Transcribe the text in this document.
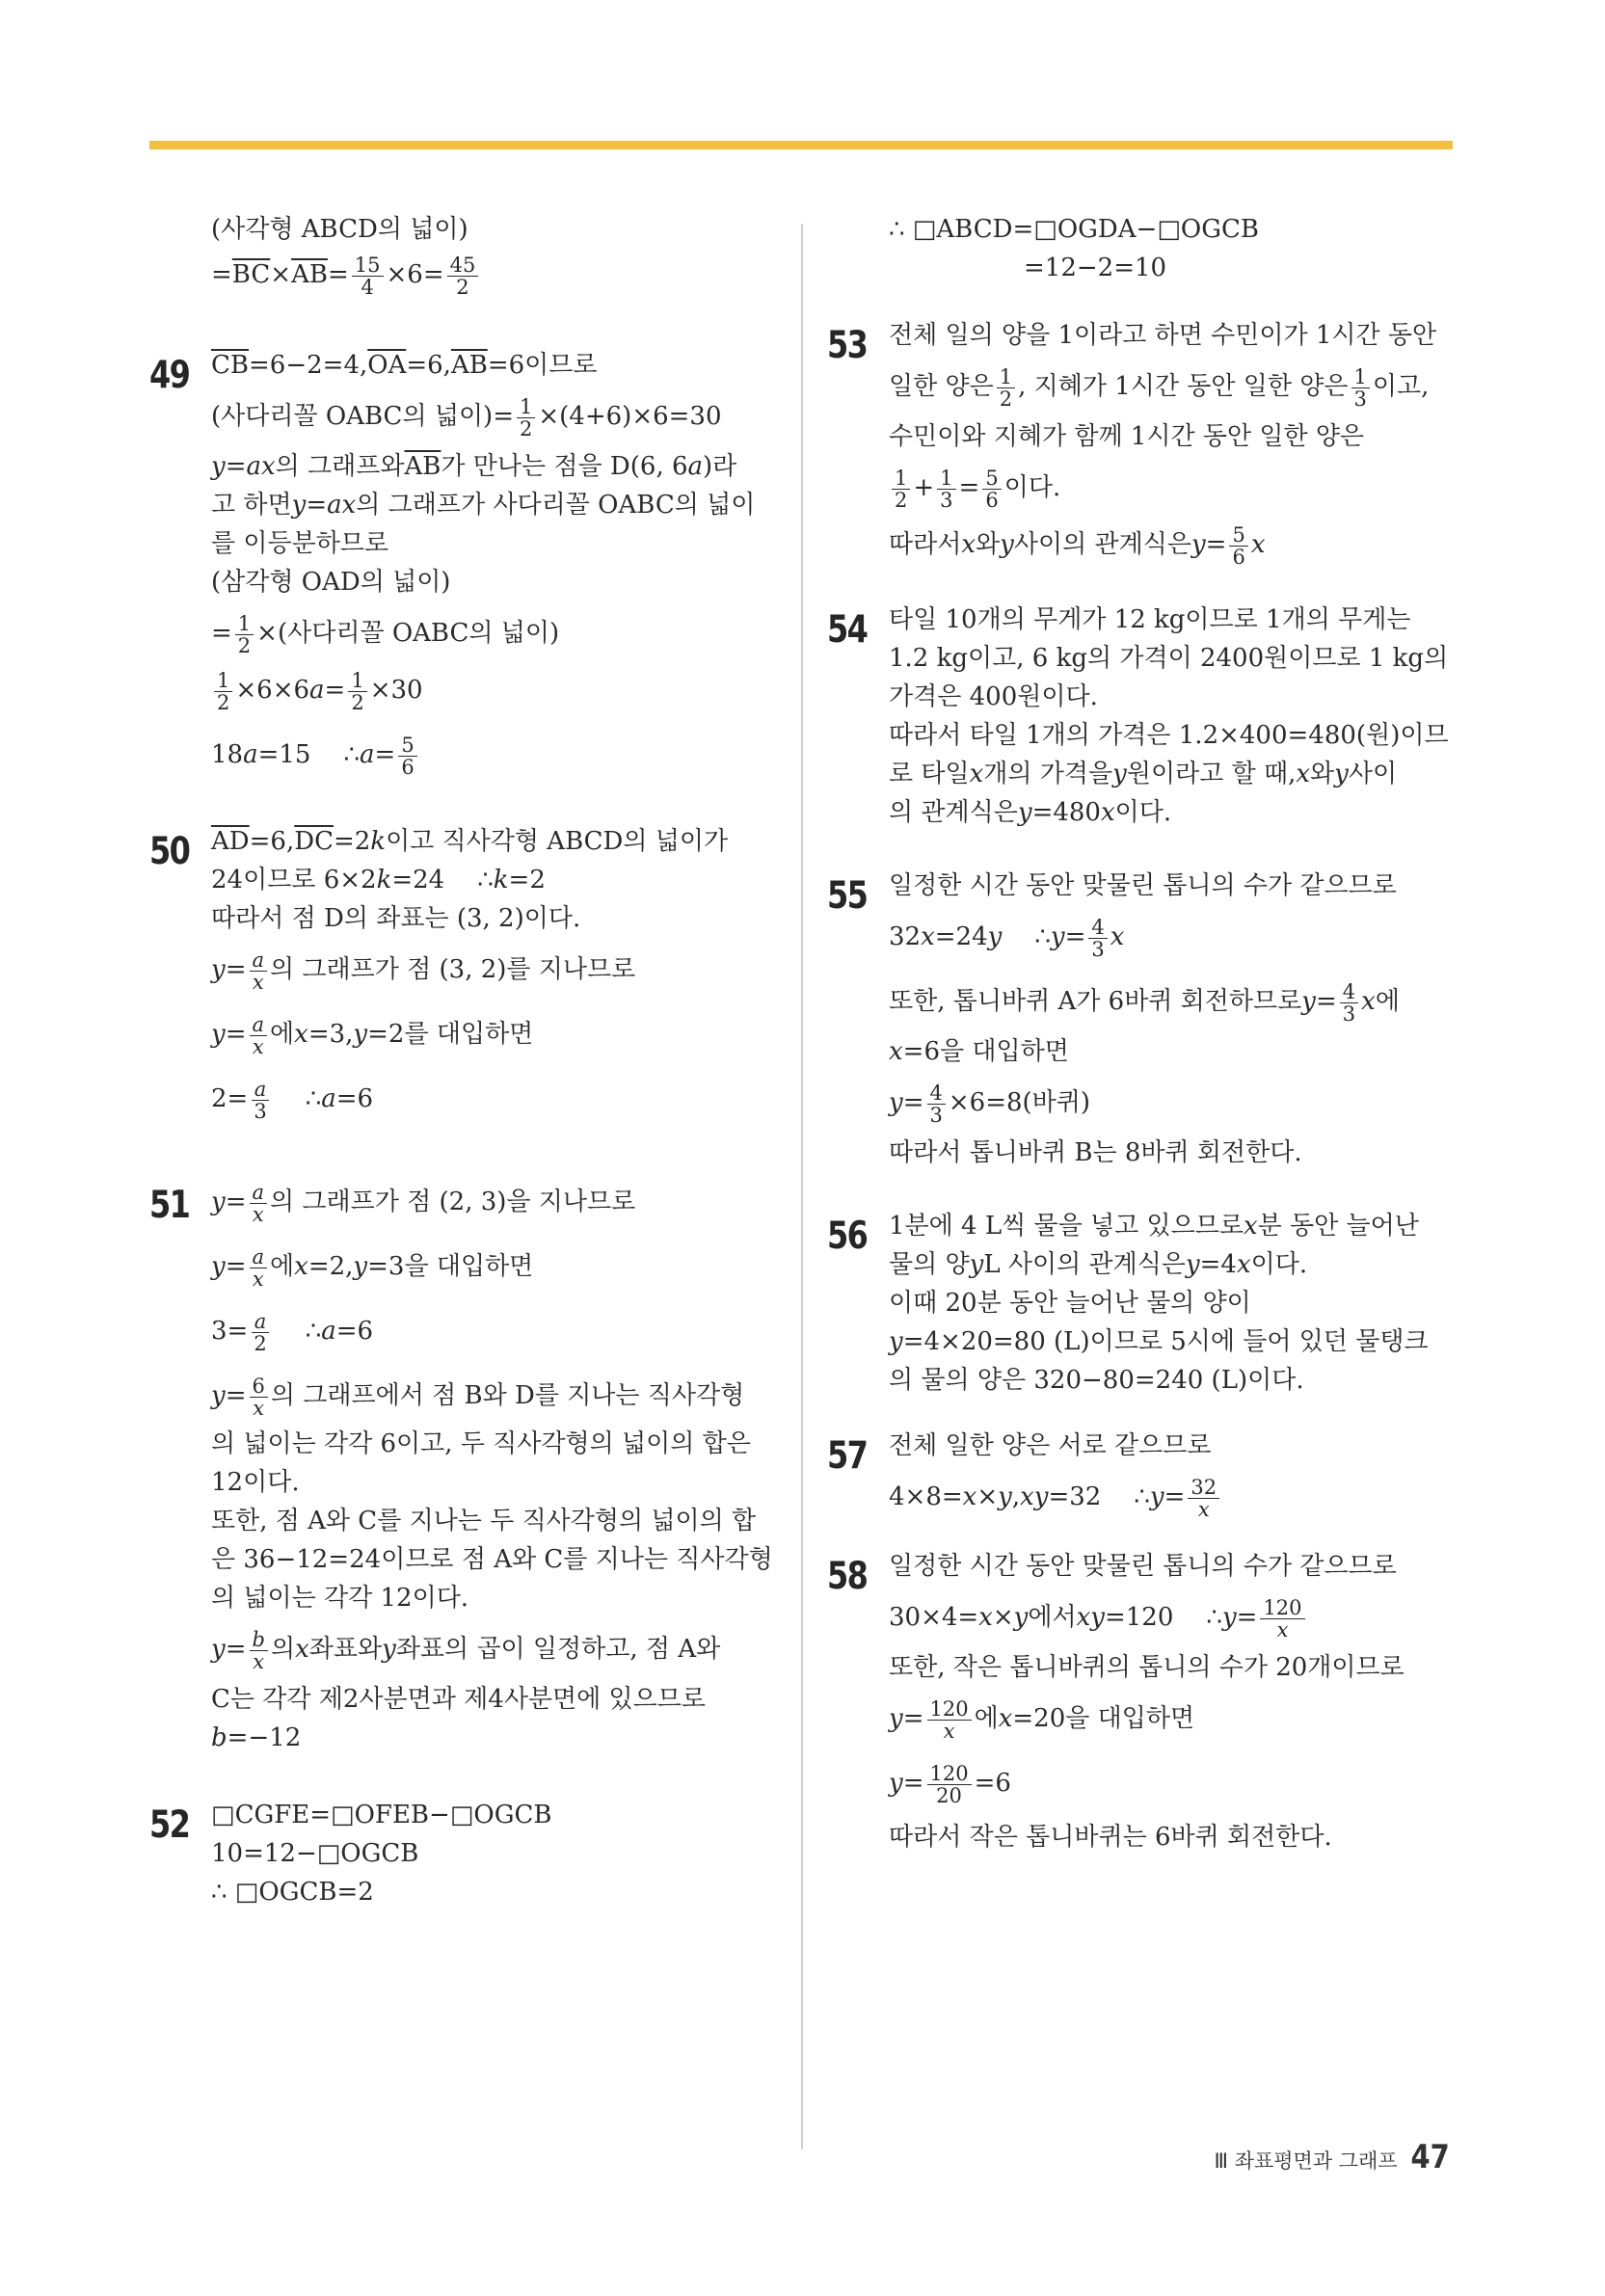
(사각형 ABCD의 넓이)
= $\overline{BC} \times \overline{AB} = \frac{15}{4} \times 6= \frac{45}{2}$
49 $\overline{CB} =6-2=4$, $\overline{OA} =6$, $\overline{AB} =6$이므로
(사다리꼴 OABC의 넓이)= $\frac{1}{2} \times(4+6)\times 6=30$
y = ax 의 그래프와 $\overline{AB}$ 가 만나는 점을 D(6, 6 a )라
고 하면 y = ax 의 그래프가 사다리꼴 OABC의 넓이
를 이등분하므로
(삼각형 OAD의 넓이)
= $\frac{1}{2}$ ×(사다리꼴 OABC의 넓이)
$\frac{1}{2} \times 6\times 6$ $a = \frac{1}{2} \times 30$
18 a =15 ∴ $a = \frac{5}{6}$
50 $\overline{AD} =6$, $\overline{DC} =2$ k 이고 직사각형 ABCD의 넓이가
24이므로 6×2 k =24 ∴ k =2
따라서 점 D의 좌표는 (3, 2)이다.
$y = \frac{a}{x}$ 의 그래프가 점 (3, 2)를 지나므로
$y = \frac{a}{x}$ 에 x =3, y =2를 대입하면
$2= \frac{a}{3}$ ∴ a =6
51 $y = \frac{a}{x}$ 의 그래프가 점 (2, 3)을 지나므로
$y = \frac{a}{x}$ 에 x =2, y =3을 대입하면
$3= \frac{a}{2}$ ∴ a =6
$y = \frac{6}{x}$ 의 그래프에서 점 B와 D를 지나는 직사각형
의 넓이는 각각 6이고, 두 직사각형의 넓이의 합은
12이다.
또한, 점 A와 C를 지나는 두 직사각형의 넓이의 합
은 36−12=24이므로 점 A와 C를 지나는 직사각형
의 넓이는 각각 12이다.
$y = \frac{b}{x}$ 의 x 좌표와 y 좌표의 곱이 일정하고, 점 A와
C는 각각 제2사분면과 제4사분면에 있으므로
b =−12
52 □CGFE=□OFEB−□OGCB
10=12−□OGCB
∴ □OGCB=2
∴ □ABCD=□OGDA−□OGCB
=12−2=10
53 전체 일의 양을 1이라고 하면 수민이가 1시간 동안
일한 양은 $\frac{1}{2}$ , 지혜가 1시간 동안 일한 양은 $\frac{1}{3}$ 이고,
수민이와 지혜가 함께 1시간 동안 일한 양은
$\frac{1}{2} + \frac{1}{3} = \frac{5}{6}$ 이다.
따라서 x 와 y 사이의 관계식은 $y = \frac{5}{6}$ x
54 타일 10개의 무게가 12 kg이므로 1개의 무게는
1.2 kg이고, 6 kg의 가격이 2400원이므로 1 kg의
가격은 400원이다.
따라서 타일 1개의 가격은 1.2×400=480(원)이므
로 타일 x 개의 가격을 y 원이라고 할 때, x 와 y 사이
의 관계식은 y =480 x 이다.
55 일정한 시간 동안 맞물린 톱니의 수가 같으므로
32 x =24 y ∴ $y = \frac{4}{3}$ x
또한, 톱니바퀴 A가 6바퀴 회전하므로 $y = \frac{4}{3}$ x 에
x =6을 대입하면
$y = \frac{4}{3} \times 6=8$(바퀴)
따라서 톱니바퀴 B는 8바퀴 회전한다.
56 1분에 4 L씩 물을 넣고 있으므로 x 분 동안 늘어난
물의 양 y L 사이의 관계식은 y =4 x 이다.
이때 20분 동안 늘어난 물의 양이
y =4×20=80 (L)이므로 5시에 들어 있던 물탱크
의 물의 양은 320−80=240 (L)이다.
57 전체 일한 양은 서로 같으므로
4×8= x × y , xy =32 ∴ $y = \frac{32}{x}$
58 일정한 시간 동안 맞물린 톱니의 수가 같으므로
30×4= x × y 에서 xy =120 ∴ $y = \frac{120}{x}$
또한, 작은 톱니바퀴의 톱니의 수가 20개이므로
$y = \frac{120}{x}$ 에 x =20을 대입하면
$y = \frac{120}{20} =6$
따라서 작은 톱니바퀴는 6바퀴 회전한다.
Ⅲ 좌표평면과 그래프 47
